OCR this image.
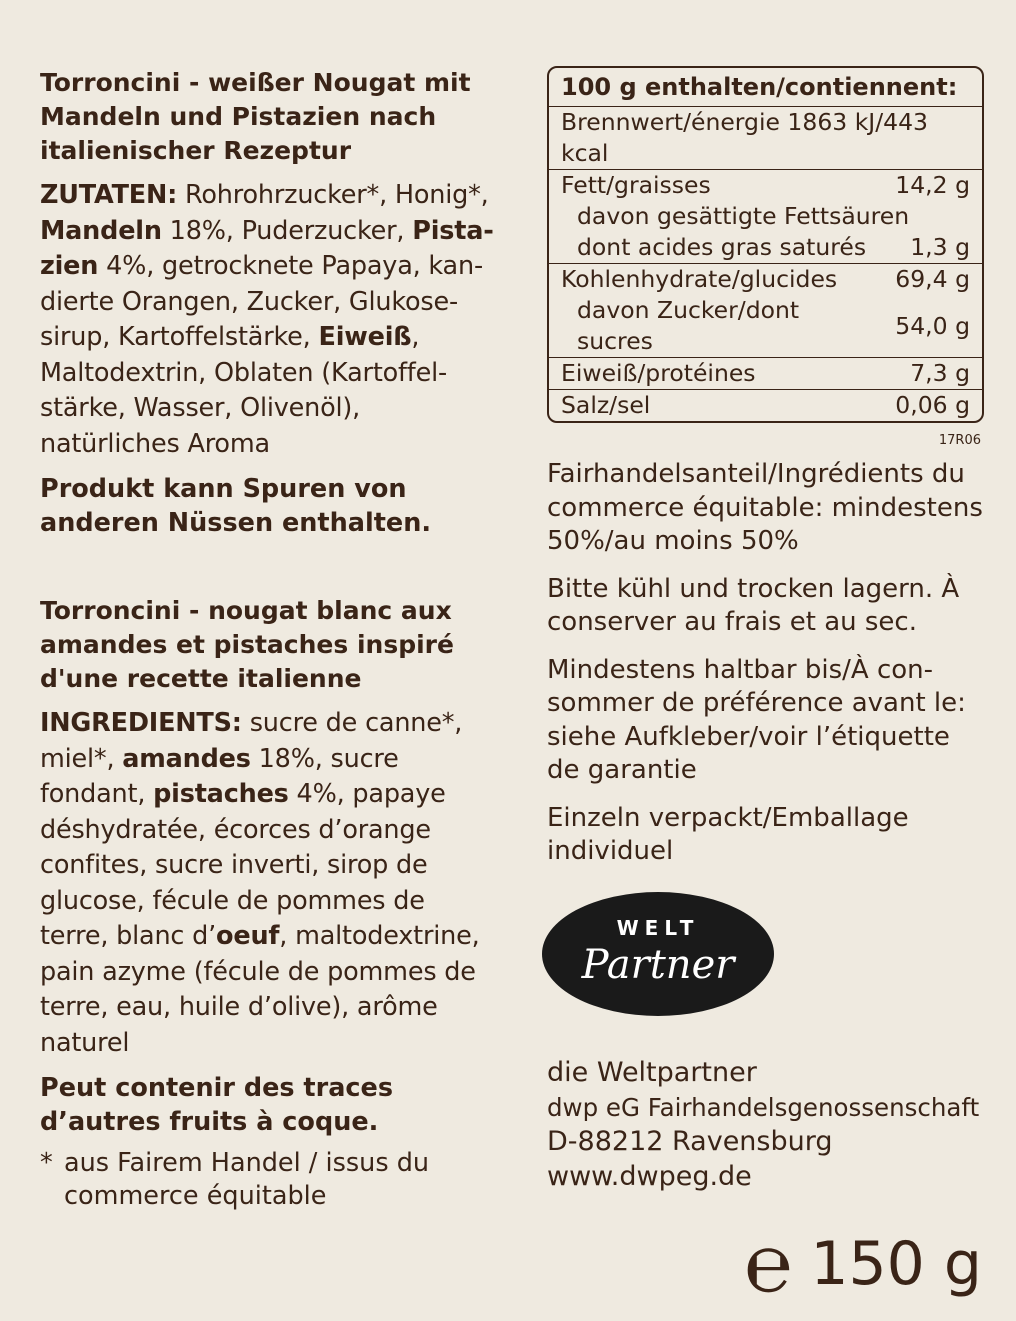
Torroncini - weißer Nougat mit Mandeln und Pistazien nach italienischer Rezeptur

ZUTATEN: Rohrohrzucker*, Honig*, Mandeln 18%, Puderzucker, Pista-zien 4%, getrocknete Papaya, kan-dierte Orangen, Zucker, Glukose-sirup, Kartoffelstärke, Eiweiß, Maltodextrin, Oblaten (Kartoffel-stärke, Wasser, Olivenöl), natürliches Aroma

Produkt kann Spuren von anderen Nüssen enthalten.

Torroncini - nougat blanc aux amandes et pistaches inspiré d'une recette italienne

INGREDIENTS: sucre de canne*, miel*, amandes 18%, sucre fondant, pistaches 4%, papaye déshydratée, écorces d’orange confites, sucre inverti, sirop de glucose, fécule de pommes de terre, blanc d’oeuf, maltodextrine, pain azyme (fécule de pommes de terre, eau, huile d’olive), arôme naturel

Peut contenir des traces d’autres fruits à coque.

* aus Fairem Handel / issus du commerce équitable
100 g enthalten/contiennent:	
Brennwert/énergie 1863 kJ/443 kcal	
Fett/graisses	14,2 g
davon gesättigte Fettsäuren	
dont acides gras saturés	1,3 g
Kohlenhydrate/glucides	69,4 g
davon Zucker/dont sucres	54,0 g
Eiweiß/protéines	7,3 g
Salz/sel	0,06 g
17R06

Fairhandelsanteil/Ingrédients du commerce équitable: mindestens 50%/au moins 50%

Bitte kühl und trocken lagern. À conserver au frais et au sec.

Mindestens haltbar bis/À con-sommer de préférence avant le: siehe Aufkleber/voir l’étiquette de garantie

Einzeln verpackt/Emballage individuel

WELT
Partner
die Weltpartner
dwp eG Fairhandelsgenossenschaft
D-88212 Ravensburg
www.dwpeg.de
℮ 150 g
